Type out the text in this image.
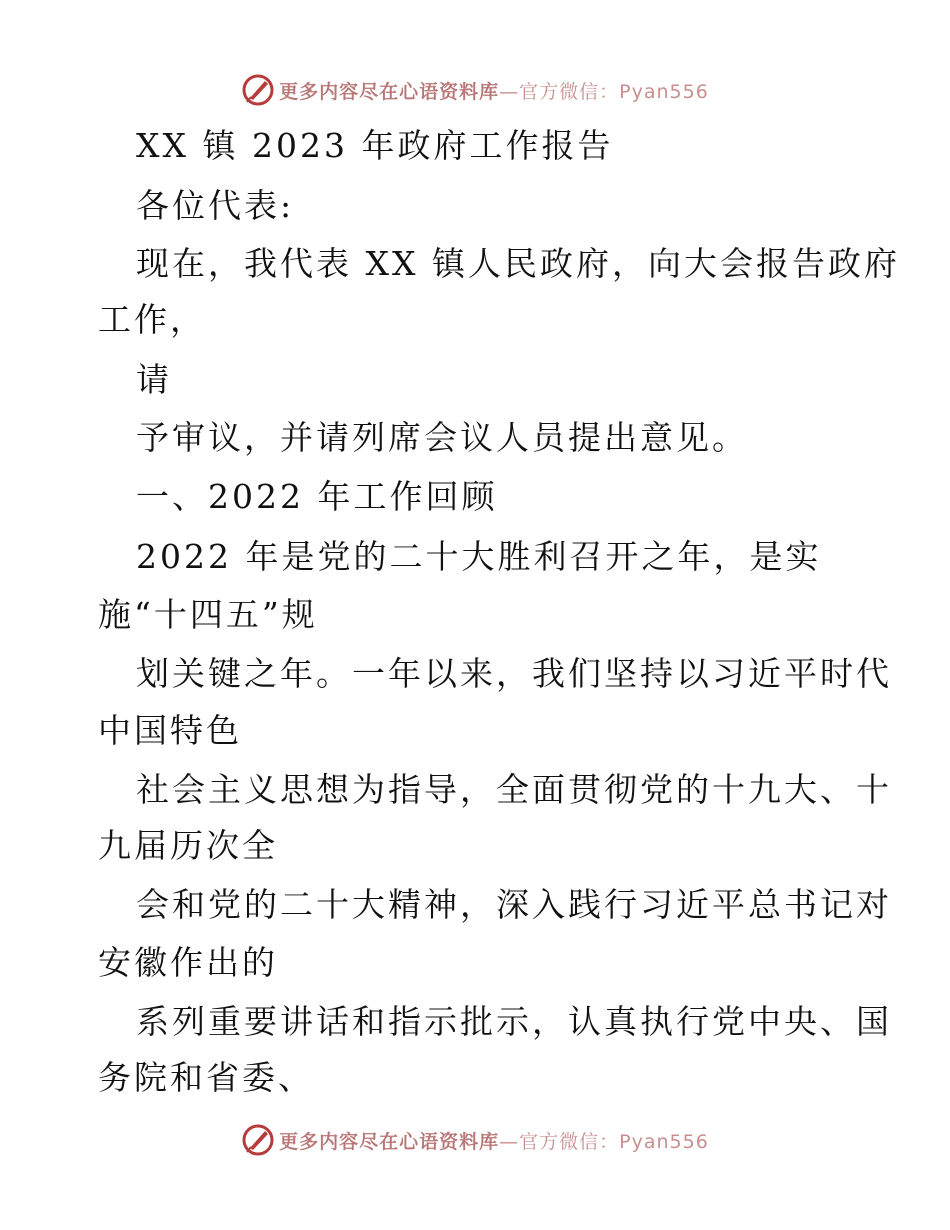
更多内容尽在心语资料库—官方微信：Pyan556
XX 镇 2023 年政府工作报告
各位代表:
现在，我代表 XX 镇人民政府，向大会报告政府
工作，
请
予审议，并请列席会议人员提出意见。
一、2022 年工作回顾
2022 年是党的二十大胜利召开之年，是实
施“十四五”规
划关键之年。一年以来，我们坚持以习近平时代
中国特色
社会主义思想为指导，全面贯彻党的十九大、十
九届历次全
会和党的二十大精神，深入践行习近平总书记对
安徽作出的
系列重要讲话和指示批示，认真执行党中央、国
务院和省委、
更多内容尽在心语资料库—官方微信：Pyan556
